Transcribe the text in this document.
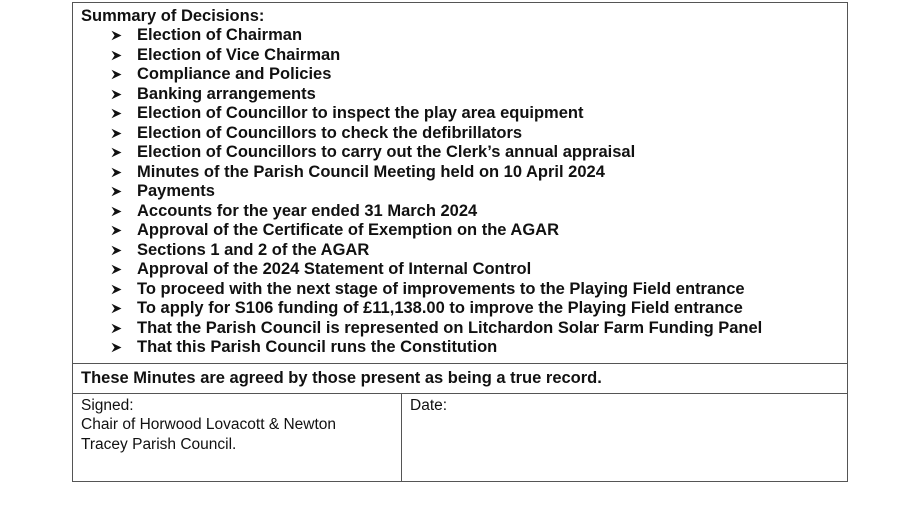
Summary of Decisions:

Election of Chairman
Election of Vice Chairman
Compliance and Policies
Banking arrangements
Election of Councillor to inspect the play area equipment
Election of Councillors to check the defibrillators
Election of Councillors to carry out the Clerk’s annual appraisal
Minutes of the Parish Council Meeting held on 10 April 2024
Payments
Accounts for the year ended 31 March 2024
Approval of the Certificate of Exemption on the AGAR
Sections 1 and 2 of the AGAR
Approval of the 2024 Statement of Internal Control
To proceed with the next stage of improvements to the Playing Field entrance
To apply for S106 funding of £11,138.00 to improve the Playing Field entrance
That the Parish Council is represented on Litchardon Solar Farm Funding Panel
That this Parish Council runs the Constitution

These Minutes are agreed by those present as being a true record.

Signed:
Chair of Horwood Lovacott & Newton
Tracey Parish Council.
Date:
